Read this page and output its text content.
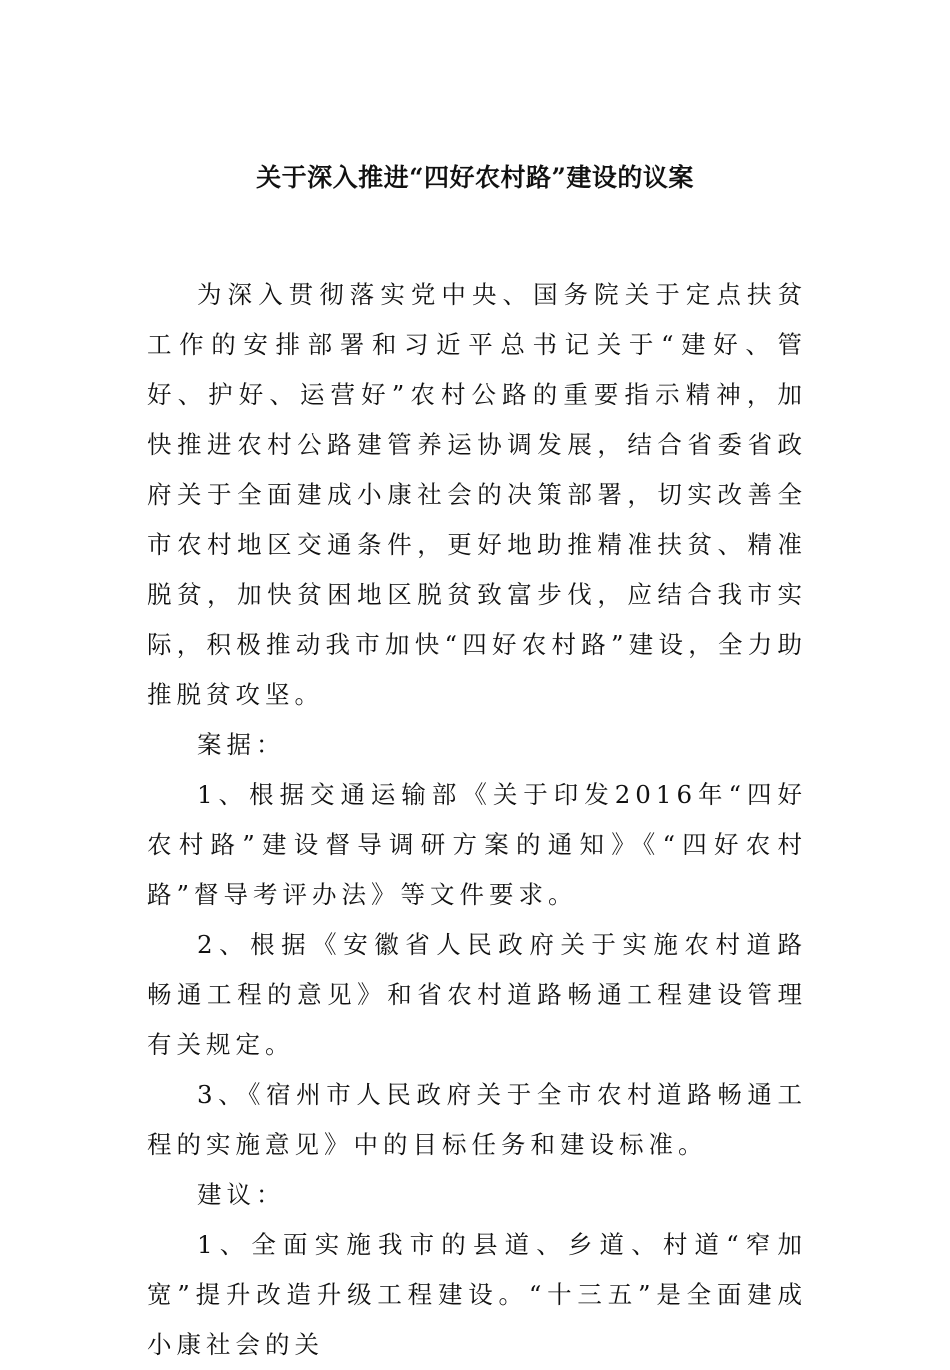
关于深入推进“四好农村路”建设的议案

为深入贯彻落实党中央、国务院关于定点扶贫工作的安排部署和习近平总书记关于“建好、管好、护好、运营好”农村公路的重要指示精神，加快推进农村公路建管养运协调发展，结合省委省政府关于全面建成小康社会的决策部署，切实改善全市农村地区交通条件，更好地助推精准扶贫、精准脱贫，加快贫困地区脱贫致富步伐，应结合我市实际，积极推动我市加快“四好农村路”建设，全力助推脱贫攻坚。

案据：

1、根据交通运输部《关于印发2016年“四好农村路”建设督导调研方案的通知》《“四好农村路”督导考评办法》等文件要求。

2、根据《安徽省人民政府关于实施农村道路畅通工程的意见》和省农村道路畅通工程建设管理有关规定。

3、《宿州市人民政府关于全市农村道路畅通工程的实施意见》中的目标任务和建设标准。

建议：

1、全面实施我市的县道、乡道、村道“窄加宽”提升改造升级工程建设。“十三五”是全面建成小康社会的关
